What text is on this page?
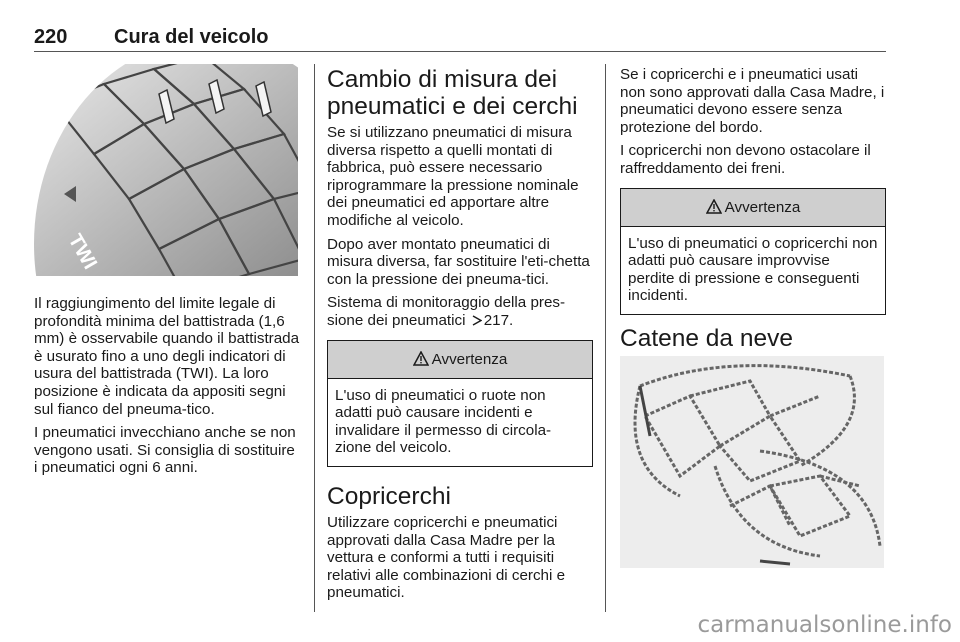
220 Cura del veicolo
TWI

Il raggiungimento del limite legale di profondità minima del battistrada (1,6 mm) è osservabile quando il battistrada è usurato fino a uno degli indicatori di usura del battistrada (TWI). La loro posizione è indicata da appositi segni sul fianco del pneuma-tico.

I pneumatici invecchiano anche se non vengono usati. Si consiglia di sostituire i pneumatici ogni 6 anni.

Cambio di misura dei pneumatici e dei cerchi

Se si utilizzano pneumatici di misura diversa rispetto a quelli montati di fabbrica, può essere necessario riprogrammare la pressione nominale dei pneumatici ed apportare altre modifiche al veicolo.

Dopo aver montato pneumatici di misura diversa, far sostituire l'eti-chetta con la pressione dei pneuma-tici.

Sistema di monitoraggio della pres-sione dei pneumatici 217.

Avvertenza
L'uso di pneumatici o ruote non adatti può causare incidenti e invalidare il permesso di circola-zione del veicolo.
Copricerchi

Utilizzare copricerchi e pneumatici approvati dalla Casa Madre per la vettura e conformi a tutti i requisiti relativi alle combinazioni di cerchi e pneumatici.

Se i copricerchi e i pneumatici usati non sono approvati dalla Casa Madre, i pneumatici devono essere senza protezione del bordo.

I copricerchi non devono ostacolare il raffreddamento dei freni.

Avvertenza
L'uso di pneumatici o copricerchi non adatti può causare improvvise perdite di pressione e conseguenti incidenti.
Catene da neve
carmanualsonline.info
